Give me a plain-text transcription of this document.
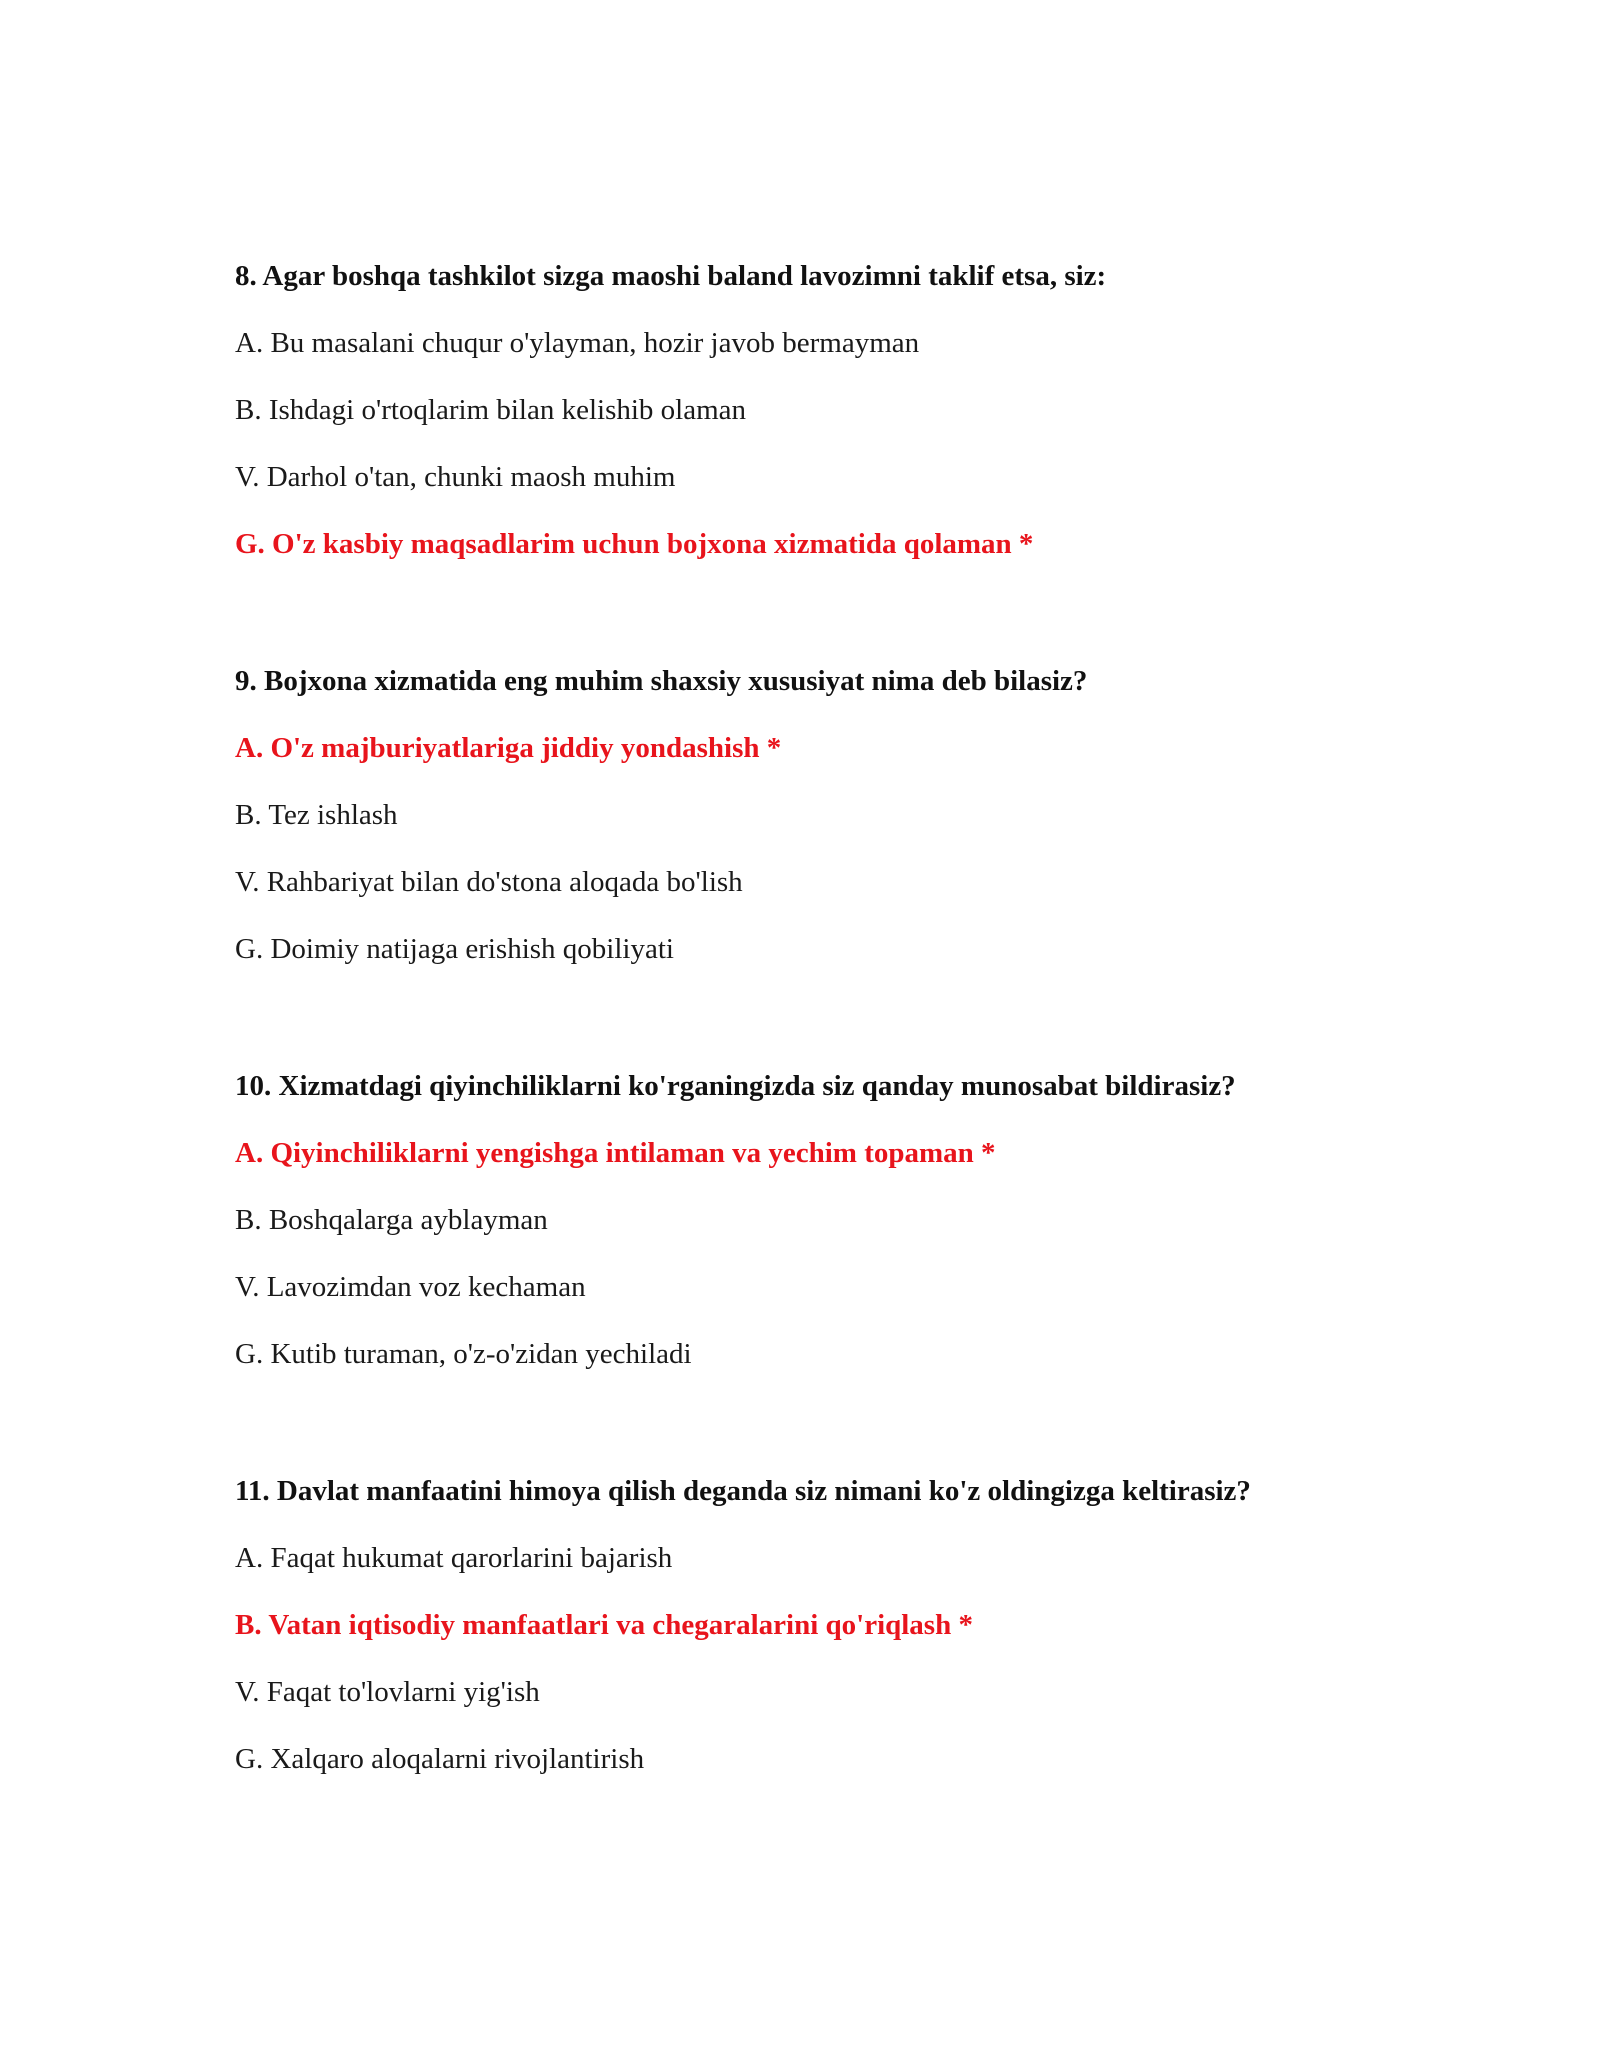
8. Agar boshqa tashkilot sizga maoshi baland lavozimni taklif etsa, siz:

A. Bu masalani chuqur o'ylayman, hozir javob bermayman

B. Ishdagi o'rtoqlarim bilan kelishib olaman

V. Darhol o'tan, chunki maosh muhim

G. O'z kasbiy maqsadlarim uchun bojxona xizmatida qolaman *

9. Bojxona xizmatida eng muhim shaxsiy xususiyat nima deb bilasiz?

A. O'z majburiyatlariga jiddiy yondashish *

B. Tez ishlash

V. Rahbariyat bilan do'stona aloqada bo'lish

G. Doimiy natijaga erishish qobiliyati

10. Xizmatdagi qiyinchiliklarni ko'rganingizda siz qanday munosabat bildirasiz?

A. Qiyinchiliklarni yengishga intilaman va yechim topaman *

B. Boshqalarga ayblayman

V. Lavozimdan voz kechaman

G. Kutib turaman, o'z-o'zidan yechiladi

11. Davlat manfaatini himoya qilish deganda siz nimani ko'z oldingizga keltirasiz?

A. Faqat hukumat qarorlarini bajarish

B. Vatan iqtisodiy manfaatlari va chegaralarini qo'riqlash *

V. Faqat to'lovlarni yig'ish

G. Xalqaro aloqalarni rivojlantirish
